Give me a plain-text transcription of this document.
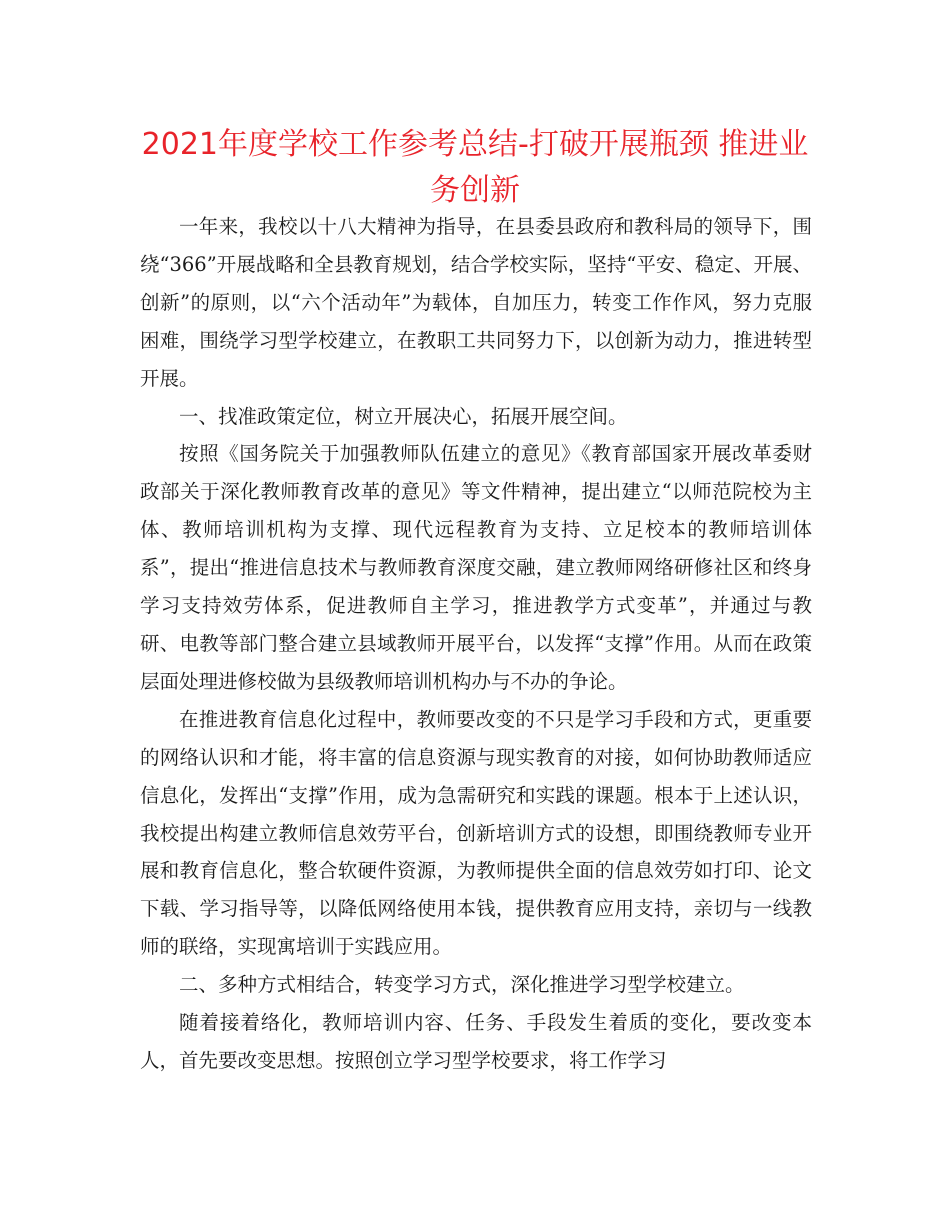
2021年度学校工作参考总结-打破开展瓶颈 推进业务创新

一年来，我校以十八大精神为指导，在县委县政府和教科局的领导下，围绕“366”开展战略和全县教育规划，结合学校实际，坚持“平安、稳定、开展、创新”的原则，以“六个活动年”为载体，自加压力，转变工作作风，努力克服困难，围绕学习型学校建立，在教职工共同努力下，以创新为动力，推进转型开展。

一、找准政策定位，树立开展决心，拓展开展空间。

按照《国务院关于加强教师队伍建立的意见》《教育部国家开展改革委财政部关于深化教师教育改革的意见》等文件精神，提出建立“以师范院校为主体、教师培训机构为支撑、现代远程教育为支持、立足校本的教师培训体系”，提出“推进信息技术与教师教育深度交融，建立教师网络研修社区和终身学习支持效劳体系，促进教师自主学习，推进教学方式变革”，并通过与教研、电教等部门整合建立县域教师开展平台，以发挥“支撑”作用。从而在政策层面处理进修校做为县级教师培训机构办与不办的争论。

在推进教育信息化过程中，教师要改变的不只是学习手段和方式，更重要的网络认识和才能，将丰富的信息资源与现实教育的对接，如何协助教师适应信息化，发挥出“支撑”作用，成为急需研究和实践的课题。根本于上述认识，我校提出构建立教师信息效劳平台，创新培训方式的设想，即围绕教师专业开展和教育信息化，整合软硬件资源，为教师提供全面的信息效劳如打印、论文下载、学习指导等，以降低网络使用本钱，提供教育应用支持，亲切与一线教师的联络，实现寓培训于实践应用。

二、多种方式相结合，转变学习方式，深化推进学习型学校建立。

随着接着络化，教师培训内容、任务、手段发生着质的变化，要改变本人，首先要改变思想。按照创立学习型学校要求，将工作学习
